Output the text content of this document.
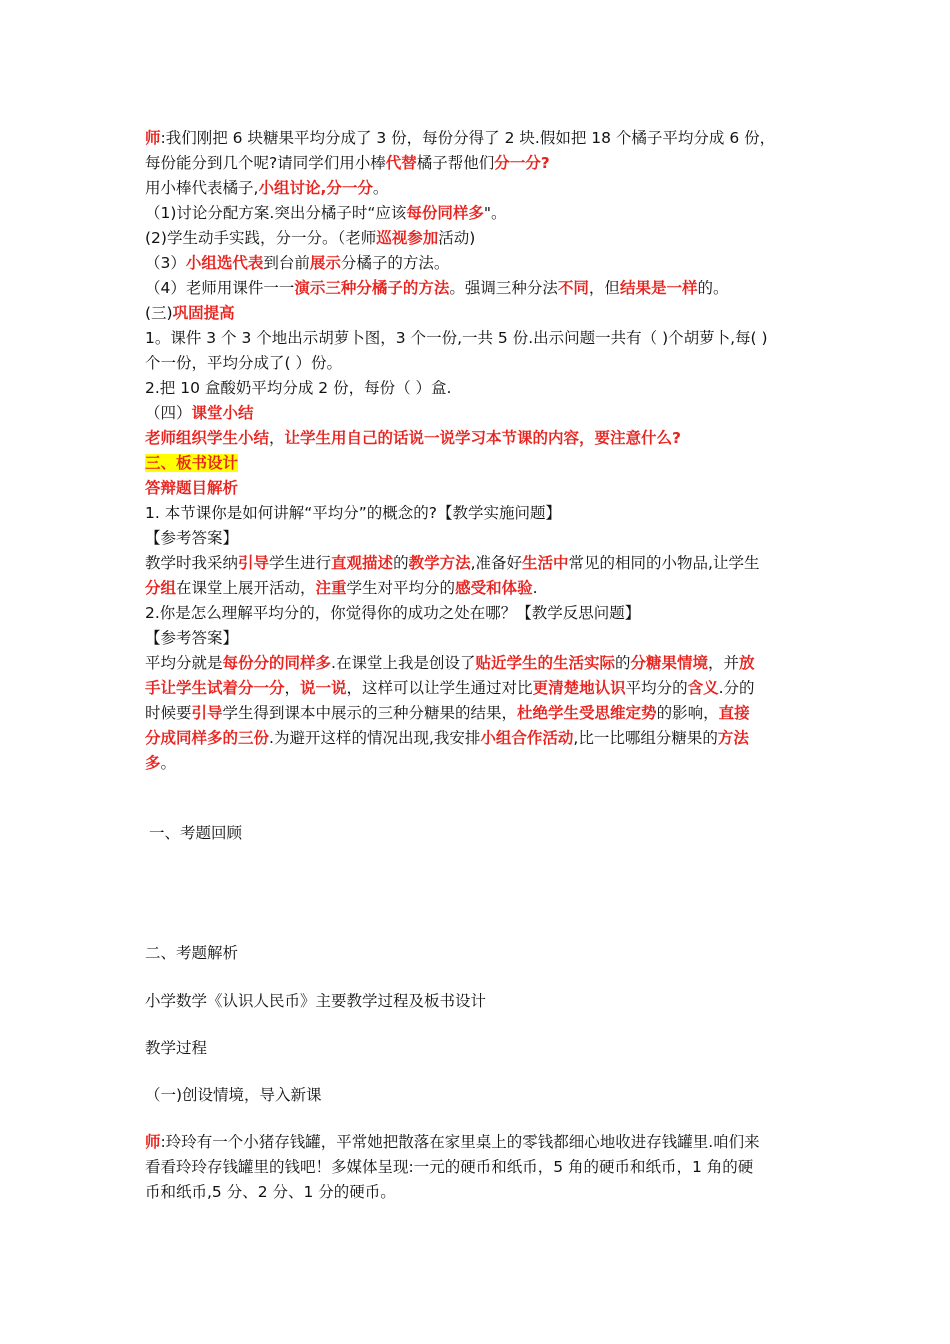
师:我们刚把 6 块糖果平均分成了 3 份，每份分得了 2 块.假如把 18 个橘子平均分成 6 份，
每份能分到几个呢?请同学们用小棒代替橘子帮他们分一分?
用小棒代表橘子,小组讨论,分一分。
（1)讨论分配方案.突出分橘子时“应该每份同样多"。
(2)学生动手实践，分一分。（老师巡视参加活动)
（3）小组选代表到台前展示分橘子的方法。
（4）老师用课件一一演示三种分橘子的方法。强调三种分法不同，但结果是一样的。
(三)巩固提高
1。课件 3 个 3 个地出示胡萝卜图，3 个一份,一共 5 份.出示问题一共有（ )个胡萝卜,每( )
个一份，平均分成了( ）份。
2.把 10 盒酸奶平均分成 2 份，每份（ ）盒.
（四）课堂小结
老师组织学生小结，让学生用自己的话说一说学习本节课的内容，要注意什么?
三、板书设计
答辩题目解析
1. 本节课你是如何讲解“平均分”的概念的?【教学实施问题】
【参考答案】
教学时我采纳引导学生进行直观描述的教学方法,准备好生活中常见的相同的小物品,让学生
分组在课堂上展开活动，注重学生对平均分的感受和体验.
2.你是怎么理解平均分的，你觉得你的成功之处在哪？【教学反思问题】
【参考答案】
平均分就是每份分的同样多.在课堂上我是创设了贴近学生的生活实际的分糖果情境，并放
手让学生试着分一分，说一说，这样可以让学生通过对比更清楚地认识平均分的含义.分的
时候要引导学生得到课本中展示的三种分糖果的结果，杜绝学生受思维定势的影响，直接
分成同样多的三份.为避开这样的情况出现,我安排小组合作活动,比一比哪组分糖果的方法
多。
一、考题回顾
二、考题解析
小学数学《认识人民币》主要教学过程及板书设计
教学过程
（一)创设情境，导入新课
师:玲玲有一个小猪存钱罐，平常她把散落在家里桌上的零钱都细心地收进存钱罐里.咱们来
看看玲玲存钱罐里的钱吧！多媒体呈现:一元的硬币和纸币，5 角的硬币和纸币，1 角的硬
币和纸币,5 分、2 分、1 分的硬币。
